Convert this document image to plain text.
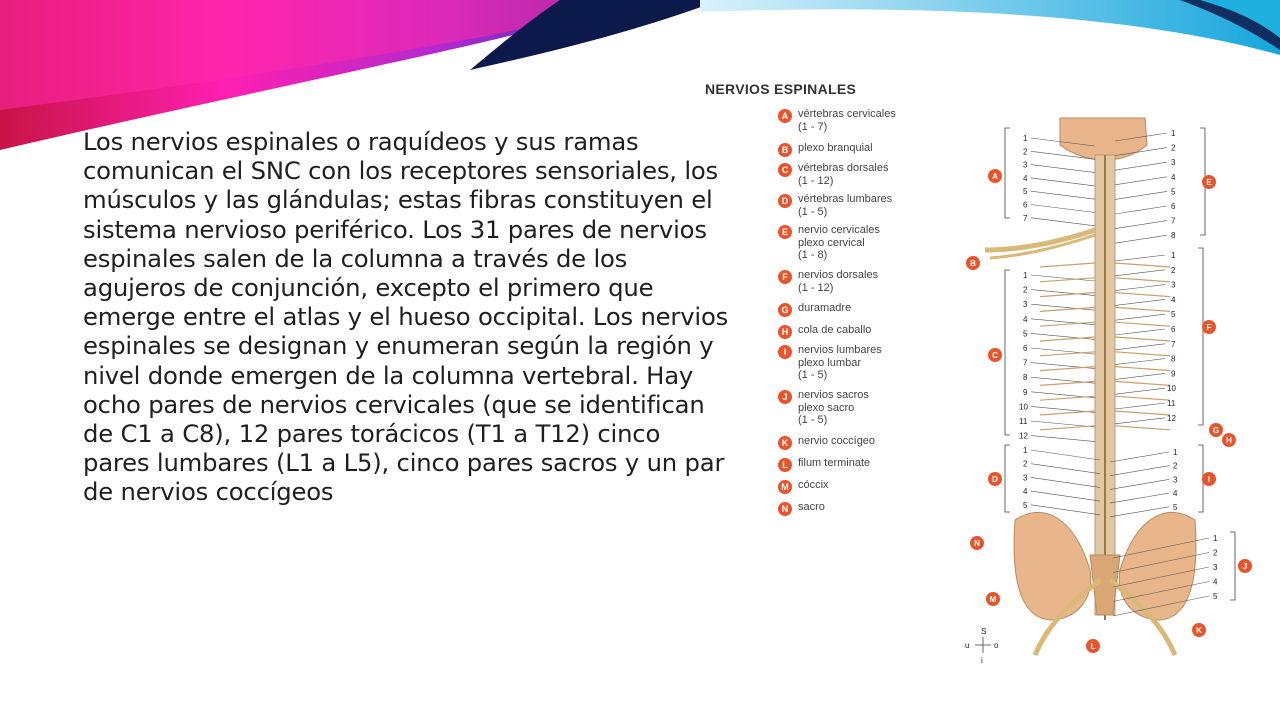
Los nervios espinales o raquídeos y sus ramas comunican el SNC con los receptores sensoriales, los músculos y las glándulas; estas fibras constituyen el sistema nervioso periférico. Los 31 pares de nervios espinales salen de la columna a través de los agujeros de conjunción, excepto el primero que emerge entre el atlas y el hueso occipital. Los nervios espinales se designan y enumeran según la región y nivel donde emergen de la columna vertebral. Hay ocho pares de nervios cervicales (que se identifican de C1 a C8), 12 pares torácicos (T1 a T12) cinco pares lumbares (L1 a L5), cinco pares sacros y un par de nervios coccígeos

NERVIOS ESPINALES
A vértebras cervicales
(1 - 7)
B plexo branquial
C vértebras dorsales
(1 - 12)
D vértebras lumbares
(1 - 5)
E nervio cervicales
plexo cervical
(1 - 8)
F nervios dorsales
(1 - 12)
G duramadre
H cola de caballo
I	nervios lumbares
plexo lumbar
(1 - 5)
J nervios sacros
plexo sacro
(1 - 5)
K nervio coccígeo
L filum terminate
M cóccix
N sacro
1
2
3
4
5
6
7
1
2
3
4
5
6
7
8
1
2
3
4
5
6
7
8
9
10
11
12
1
2
3
4
5
6
7
8
9
10
11
12
1
2
3
4
5
1
2
3
4
5
1
2
3
4
5
A
E
B
C
F
G
H
D	I
J
N
M
K
L
S
u	o
i
